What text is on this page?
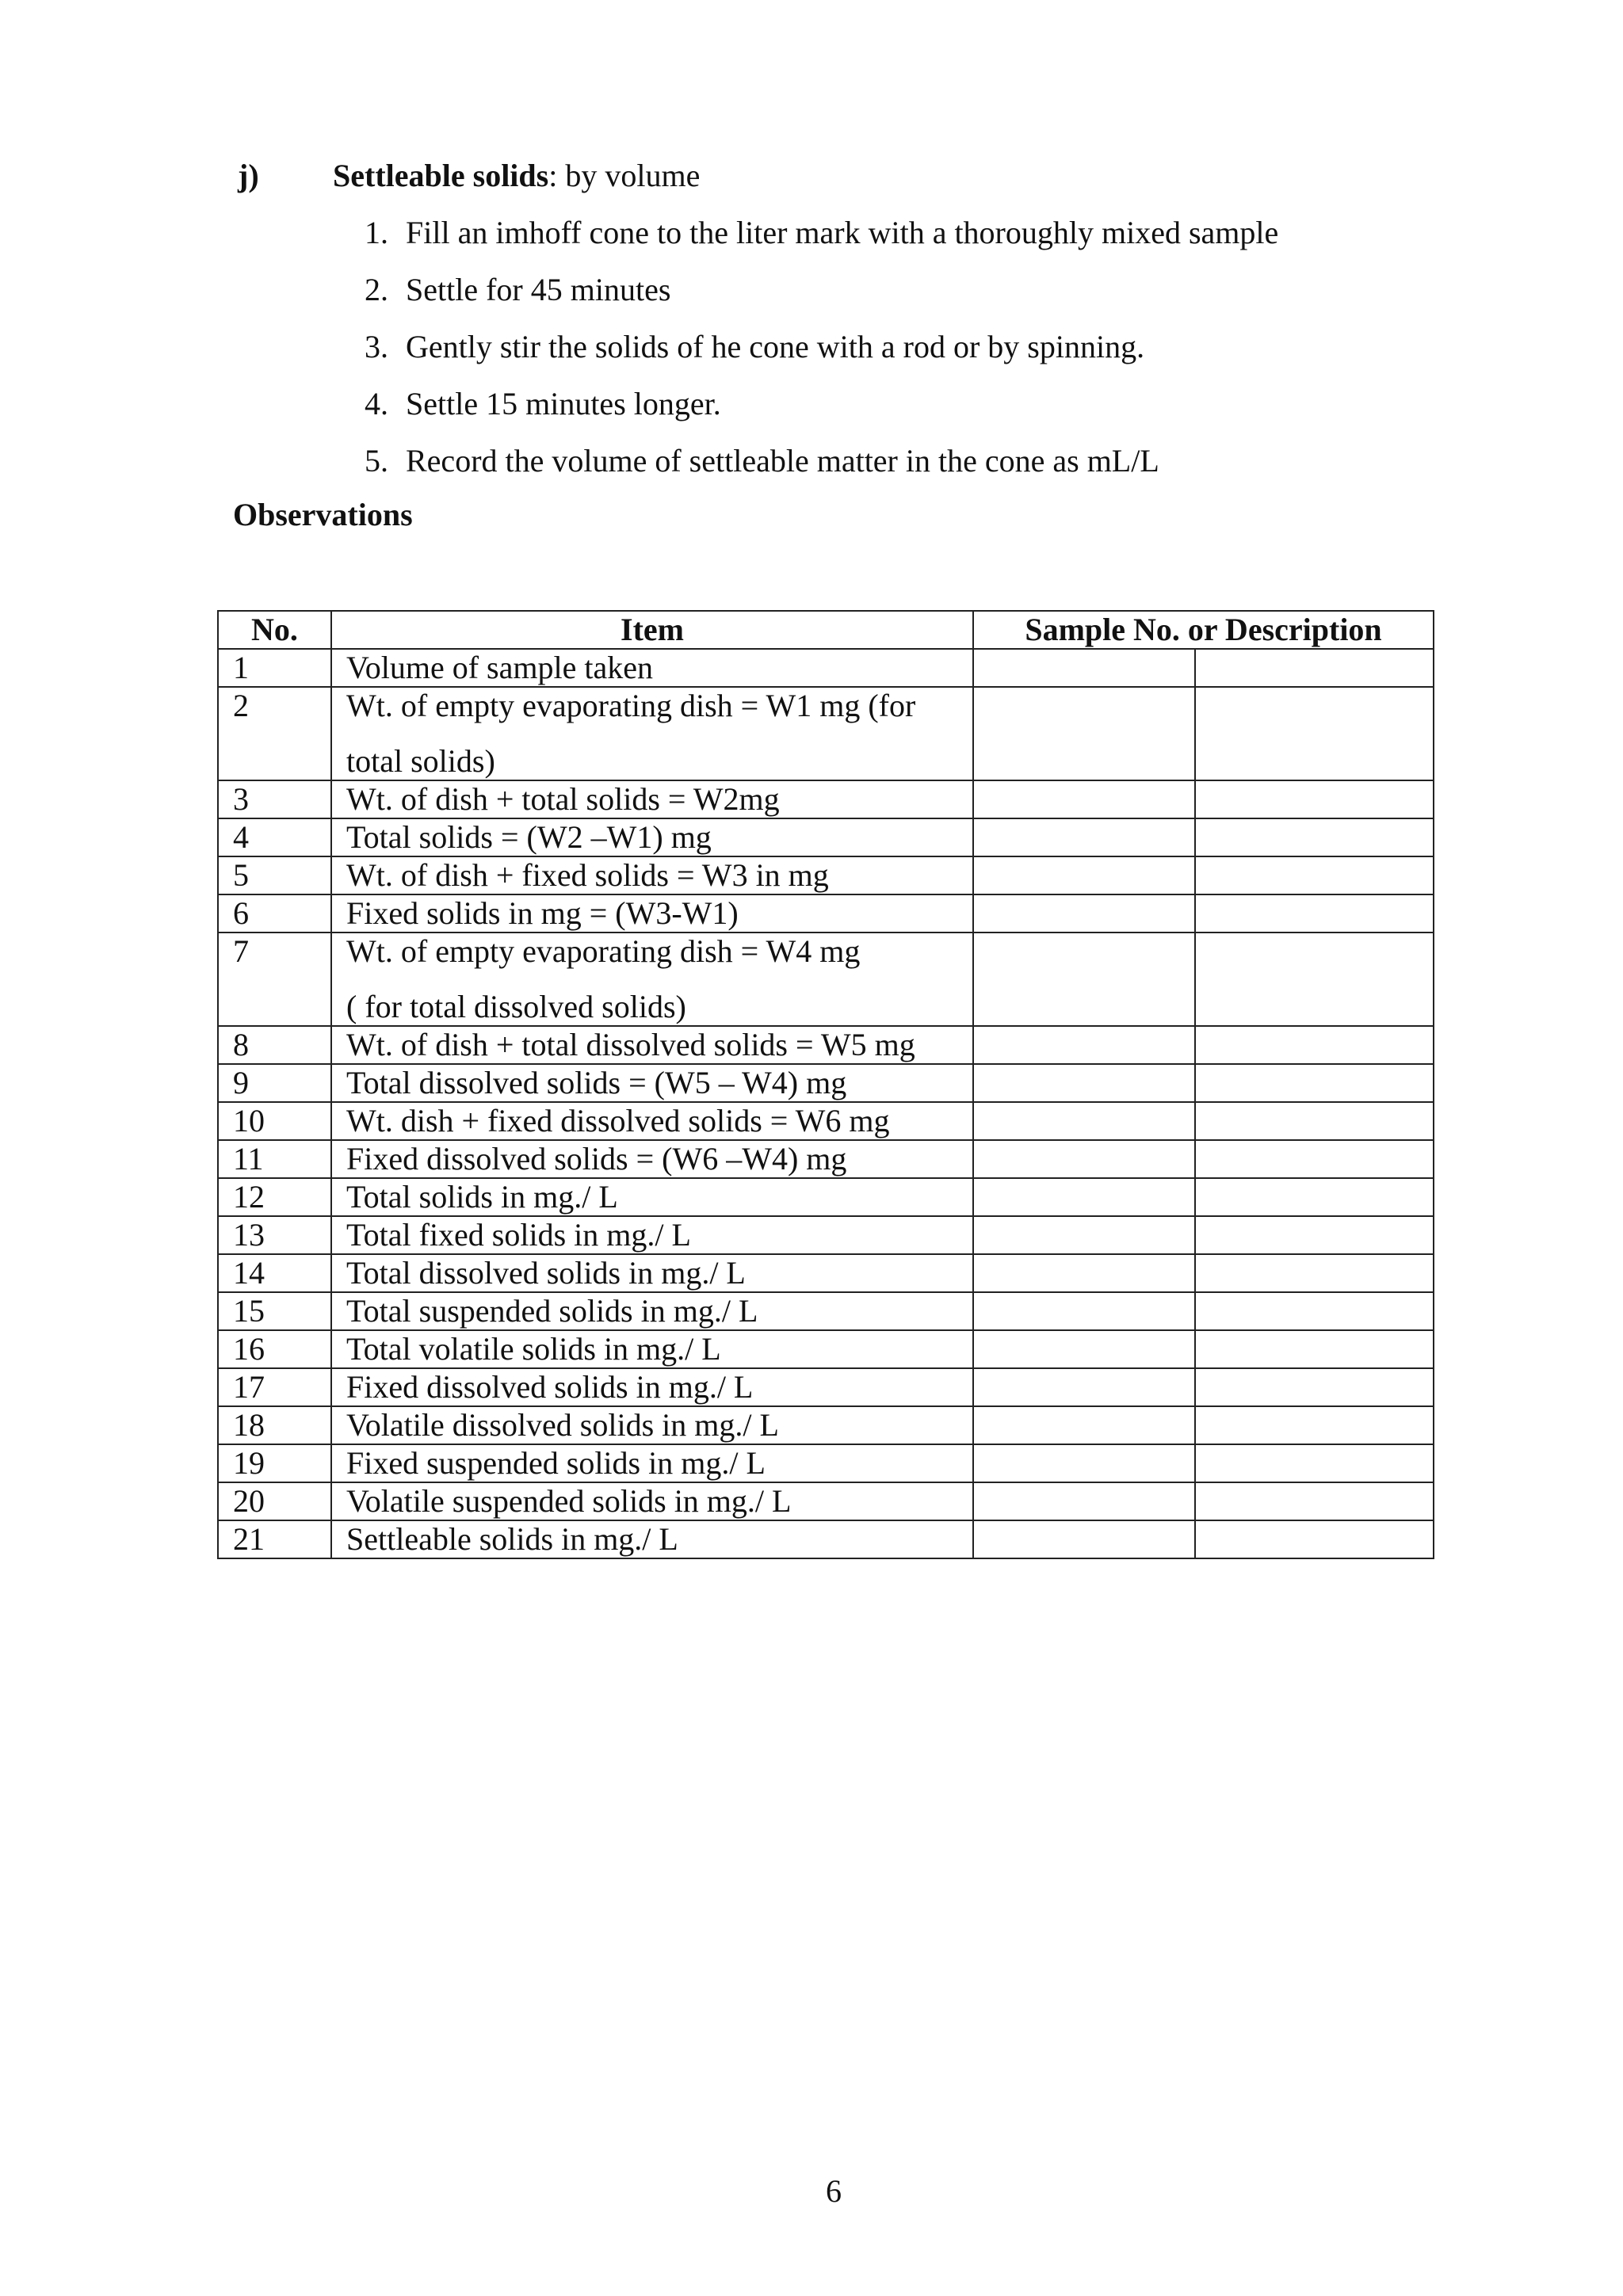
j) Settleable solids: by volume
1. Fill an imhoff cone to the liter mark with a thoroughly mixed sample
2. Settle for 45 minutes
3. Gently stir the solids of he cone with a rod or by spinning.
4. Settle 15 minutes longer.
5. Record the volume of settleable matter in the cone as mL/L
Observations
No.	Item	Sample No. or Description	
1	Volume of sample taken		

2	Wt. of empty evaporating dish = W1 mg (for
total solids)		

3	Wt. of dish + total solids = W2mg		

4	Total solids = (W2 –W1) mg		

5	Wt. of dish + fixed solids = W3 in mg		

6	Fixed solids in mg = (W3-W1)		

7	Wt. of empty evaporating dish = W4 mg
( for total dissolved solids)		

8	Wt. of dish + total dissolved solids = W5 mg		

9	Total dissolved solids = (W5 – W4) mg		

10	Wt. dish + fixed dissolved solids = W6 mg		

11	Fixed dissolved solids = (W6 –W4) mg		

12	Total solids in mg./ L		

13	Total fixed solids in mg./ L		

14	Total dissolved solids in mg./ L		

15	Total suspended solids in mg./ L		

16	Total volatile solids in mg./ L		

17	Fixed dissolved solids in mg./ L		

18	Volatile dissolved solids in mg./ L		

19	Fixed suspended solids in mg./ L		

20	Volatile suspended solids in mg./ L		

21	Settleable solids in mg./ L		

6
